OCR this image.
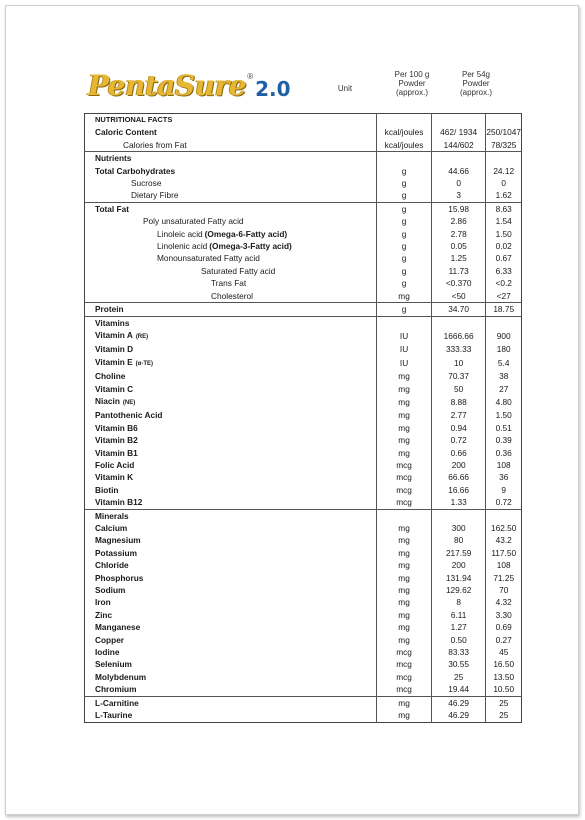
PentaSure ®
2.0	Unit
Per 100 g Powder (approx.)
Per 54g Powder (approx.)
NUTRITIONAL FACTS			
Caloric Content	kcal/joules	462/ 1934	250/1047
Calories from Fat	kcal/joules	144/602	78/325
Nutrients			
Total Carbohydrates	g	44.66	24.12
Sucrose	g	0	0
Dietary Fibre	g	3	1.62
Total Fat	g	15.98	8.63
Poly unsaturated Fatty acid	g	2.86	1.54
Linoleic acid (Omega-6-Fatty acid)	g	2.78	1.50
Linolenic acid (Omega-3-Fatty acid)	g	0.05	0.02
Monounsaturated Fatty acid	g	1.25	0.67
Saturated Fatty acid	g	11.73	6.33
Trans Fat	g	<0.370	<0.2
Cholesterol	mg	<50	<27
Protein	g	34.70	18.75
Vitamins			
Vitamin A (RE)	IU	1666.66	900
Vitamin D	IU	333.33	180
Vitamin E (α-TE)	IU	10	5.4
Choline	mg	70.37	38
Vitamin C	mg	50	27
Niacin (NE)	mg	8.88	4.80
Pantothenic Acid	mg	2.77	1.50
Vitamin B6	mg	0.94	0.51
Vitamin B2	mg	0.72	0.39
Vitamin B1	mg	0.66	0.36
Folic Acid	mcg	200	108
Vitamin K	mcg	66.66	36
Biotin	mcg	16.66	9
Vitamin B12	mcg	1.33	0.72
Minerals			
Calcium	mg	300	162.50
Magnesium	mg	80	43.2
Potassium	mg	217.59	117.50
Chloride	mg	200	108
Phosphorus	mg	131.94	71.25
Sodium	mg	129.62	70
Iron	mg	8	4.32
Zinc	mg	6.11	3.30
Manganese	mg	1.27	0.69
Copper	mg	0.50	0.27
Iodine	mcg	83.33	45
Selenium	mcg	30.55	16.50
Molybdenum	mcg	25	13.50
Chromium	mcg	19.44	10.50
L-Carnitine	mg	46.29	25
L-Taurine	mg	46.29	25
